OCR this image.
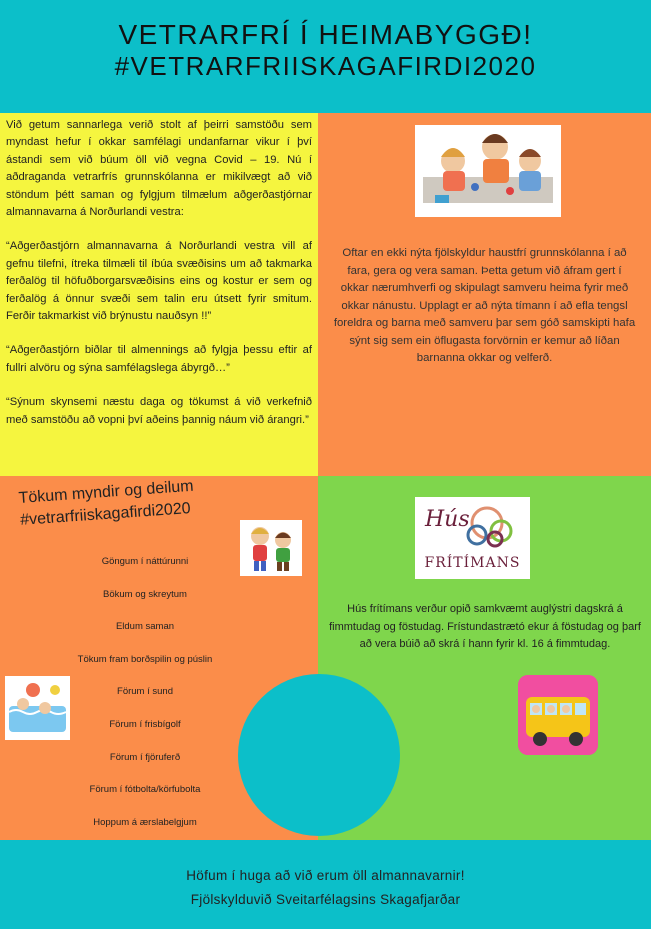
VETRARFRÍ Í HEIMABYGGÐ!
#VETRARFRIISKAGAFIRDI2020

Við getum sannarlega verið stolt af þeirri samstöðu sem myndast hefur í okkar samfélagi undanfarnar vikur í því ástandi sem við búum öll við vegna Covid – 19. Nú í aðdraganda vetrarfrís grunnskólanna er mikilvægt að við stöndum þétt saman og fylgjum tilmælum aðgerðastjórnar almannavarna á Norðurlandi vestra:

“Aðgerðastjórn almannavarna á Norðurlandi vestra vill af gefnu tilefni, ítreka tilmæli til íbúa svæðisins um að takmarka ferðalög til höfuðborgarsvæðisins eins og kostur er sem og ferðalög á önnur svæði sem talin eru útsett fyrir smitum. Ferðir takmarkist við brýnustu nauðsyn !!”

“Aðgerðastjórn biðlar til almennings að fylgja þessu eftir af fullri alvöru og sýna samfélagslega ábyrgð…”

“Sýnum skynsemi næstu daga og tökumst á við verkefnið með samstöðu að vopni því aðeins þannig náum við árangri.”

Oftar en ekki nýta fjölskyldur haustfrí grunnskólanna í að fara, gera og vera saman. Þetta getum við áfram gert í okkar nærumhverfi og skipulagt samveru heima fyrir með okkar nánustu. Upplagt er að nýta tímann í að efla tengsl foreldra og barna með samveru þar sem góð samskipti hafa sýnt sig sem ein öflugasta forvörnin er kemur að líðan barnanna okkar og velferð.
Tökum myndir og deilum
#vetrarfriiskagafirdi2020
Göngum í náttúrunni
Bökum og skreytum
Eldum saman
Tökum fram borðspilin og púslin
Förum í sund
Förum í frisbígolf
Förum í fjöruferð
Förum í fótbolta/körfubolta
Hoppum á ærslabelgjum
Hús
FRÍTÍMANS
Hús frítímans verður opið samkvæmt auglýstri dagskrá á fimmtudag og föstudag. Frístundastrætó ekur á föstudag og þarf að vera búið að skrá í hann fyrir kl. 16 á fimmtudag.
Höfum í huga að við erum öll almannavarnir!
Fjölskylduvið Sveitarfélagsins Skagafjarðar
